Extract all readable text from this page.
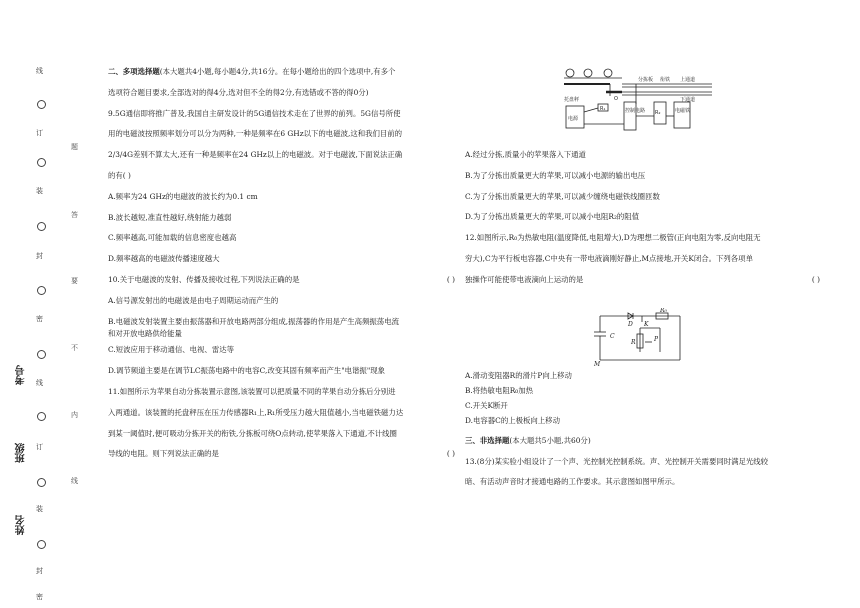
线
订
装
封
密
线
订
装
封
密
考号
班级
姓名
题
答
要
不
内
线

二、多项选择题(本大题共4小题,每小题4分,共16分。在每小题给出的四个选项中,有多个

选项符合题目要求,全部选对的得4分,选对但不全的得2分,有选错或不答的得0分)

9.5G通信即将推广普及,我国自主研发设计的5G通信技术走在了世界的前列。5G信号所使

用的电磁波按照频率划分可以分为两种,一种是频率在6 GHz以下的电磁波,这和我们目前的

2/3/4G差别不算太大,还有一种是频率在24 GHz以上的电磁波。对于电磁波,下面说法正确

的有( )

A.频率为24 GHz的电磁波的波长约为0.1 cm

B.波长越短,准直性越好,绕射能力越弱

C.频率越高,可能加载的信息密度也越高

D.频率越高的电磁波传播速度越大

10.关于电磁波的发射、传播及接收过程,下列说法正确的是	( )

A.信号源发射出的电磁波是由电子周期运动而产生的

B.电磁波发射装置主要由振荡器和开放电路两部分组成,振荡器的作用是产生高频振荡电流

和对开放电路供给能量

C.短波应用于移动通信、电视、雷达等

D.调节频道主要是在调节LC振荡电路中的电容C,改变其固有频率而产生"电谐振"现象

11.如图所示为苹果自动分拣装置示意图,该装置可以把质量不同的苹果自动分拣后分别进

入两通道。该装置的托盘秤压在压力传感器R₁上,R₁所受压力越大阻值越小,当电磁铁磁力达

到某一阈值时,便可吸动分拣开关的衔铁,分拣板可绕O点转动,使苹果落入下通道,不计线圈

导线的电阻。则下列说法正确的是	( )

托盘秤
分拣板 衔铁 上通道
下通道
电源
R₁
O
控制电路 R₂	电磁铁

A.经过分拣,质量小的苹果落入下通道

B.为了分拣出质量更大的苹果,可以减小电源的输出电压

C.为了分拣出质量更大的苹果,可以减少缠绕电磁铁线圈匝数

D.为了分拣出质量更大的苹果,可以减小电阻R₂的阻值

12.如图所示,R₀为热敏电阻(温度降低,电阻增大),D为理想二极管(正向电阻为零,反向电阻无

穷大),C为平行板电容器,C中央有一带电液滴刚好静止,M点接地,开关K闭合。下列各项单

独操作可能使带电液滴向上运动的是	( )

A.滑动变阻器R的滑片P向上移动

B.将热敏电阻R₀加热

C.开关K断开

D.电容器C的上极板向上移动

三、非选择题(本大题共5小题,共60分)

13.(8分)某实验小组设计了一个声、光控制光控制系统。声、光控制开关需要同时满足光线较

暗、有活动声音时才接通电路的工作要求。其示意图如图甲所示。

D K
R₀
C
R	P
M
